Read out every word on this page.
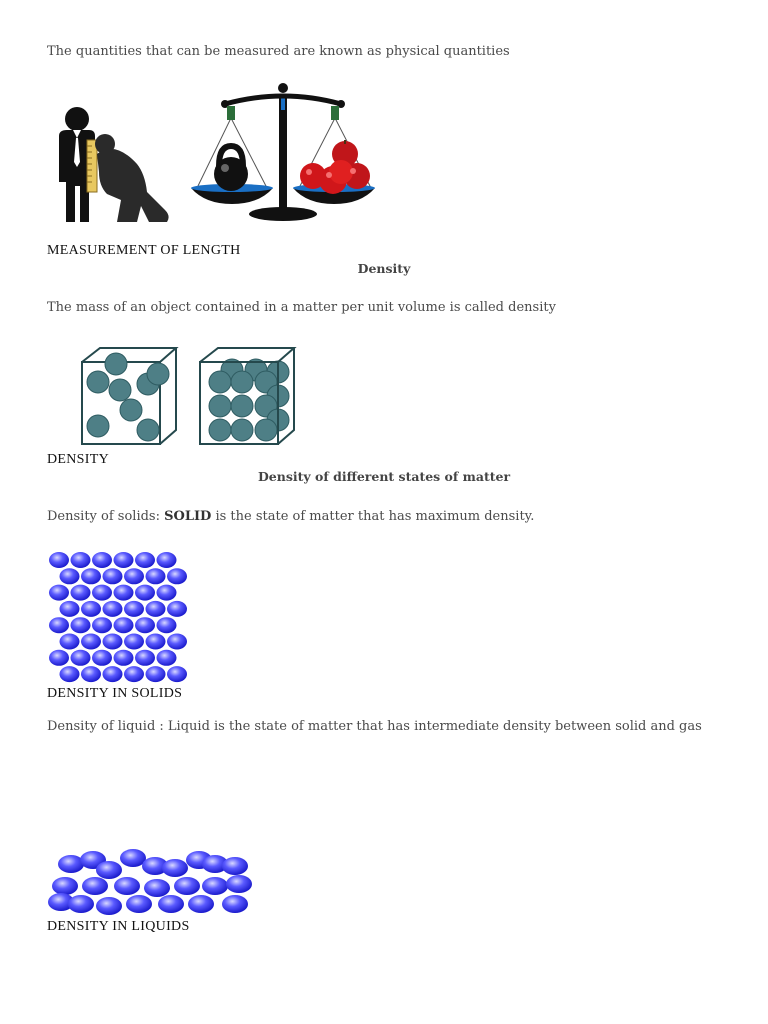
The quantities that can be measured are known as physical quantities
MEASUREMENT OF LENGTH
Density
The mass of an object contained in a matter per unit volume is called density
DENSITY
Density of different states of matter
Density of solids: SOLID is the state of matter that has maximum density.
DENSITY IN SOLIDS
Density of liquid : Liquid is the state of matter that has intermediate density between solid and gas
DENSITY IN LIQUIDS
